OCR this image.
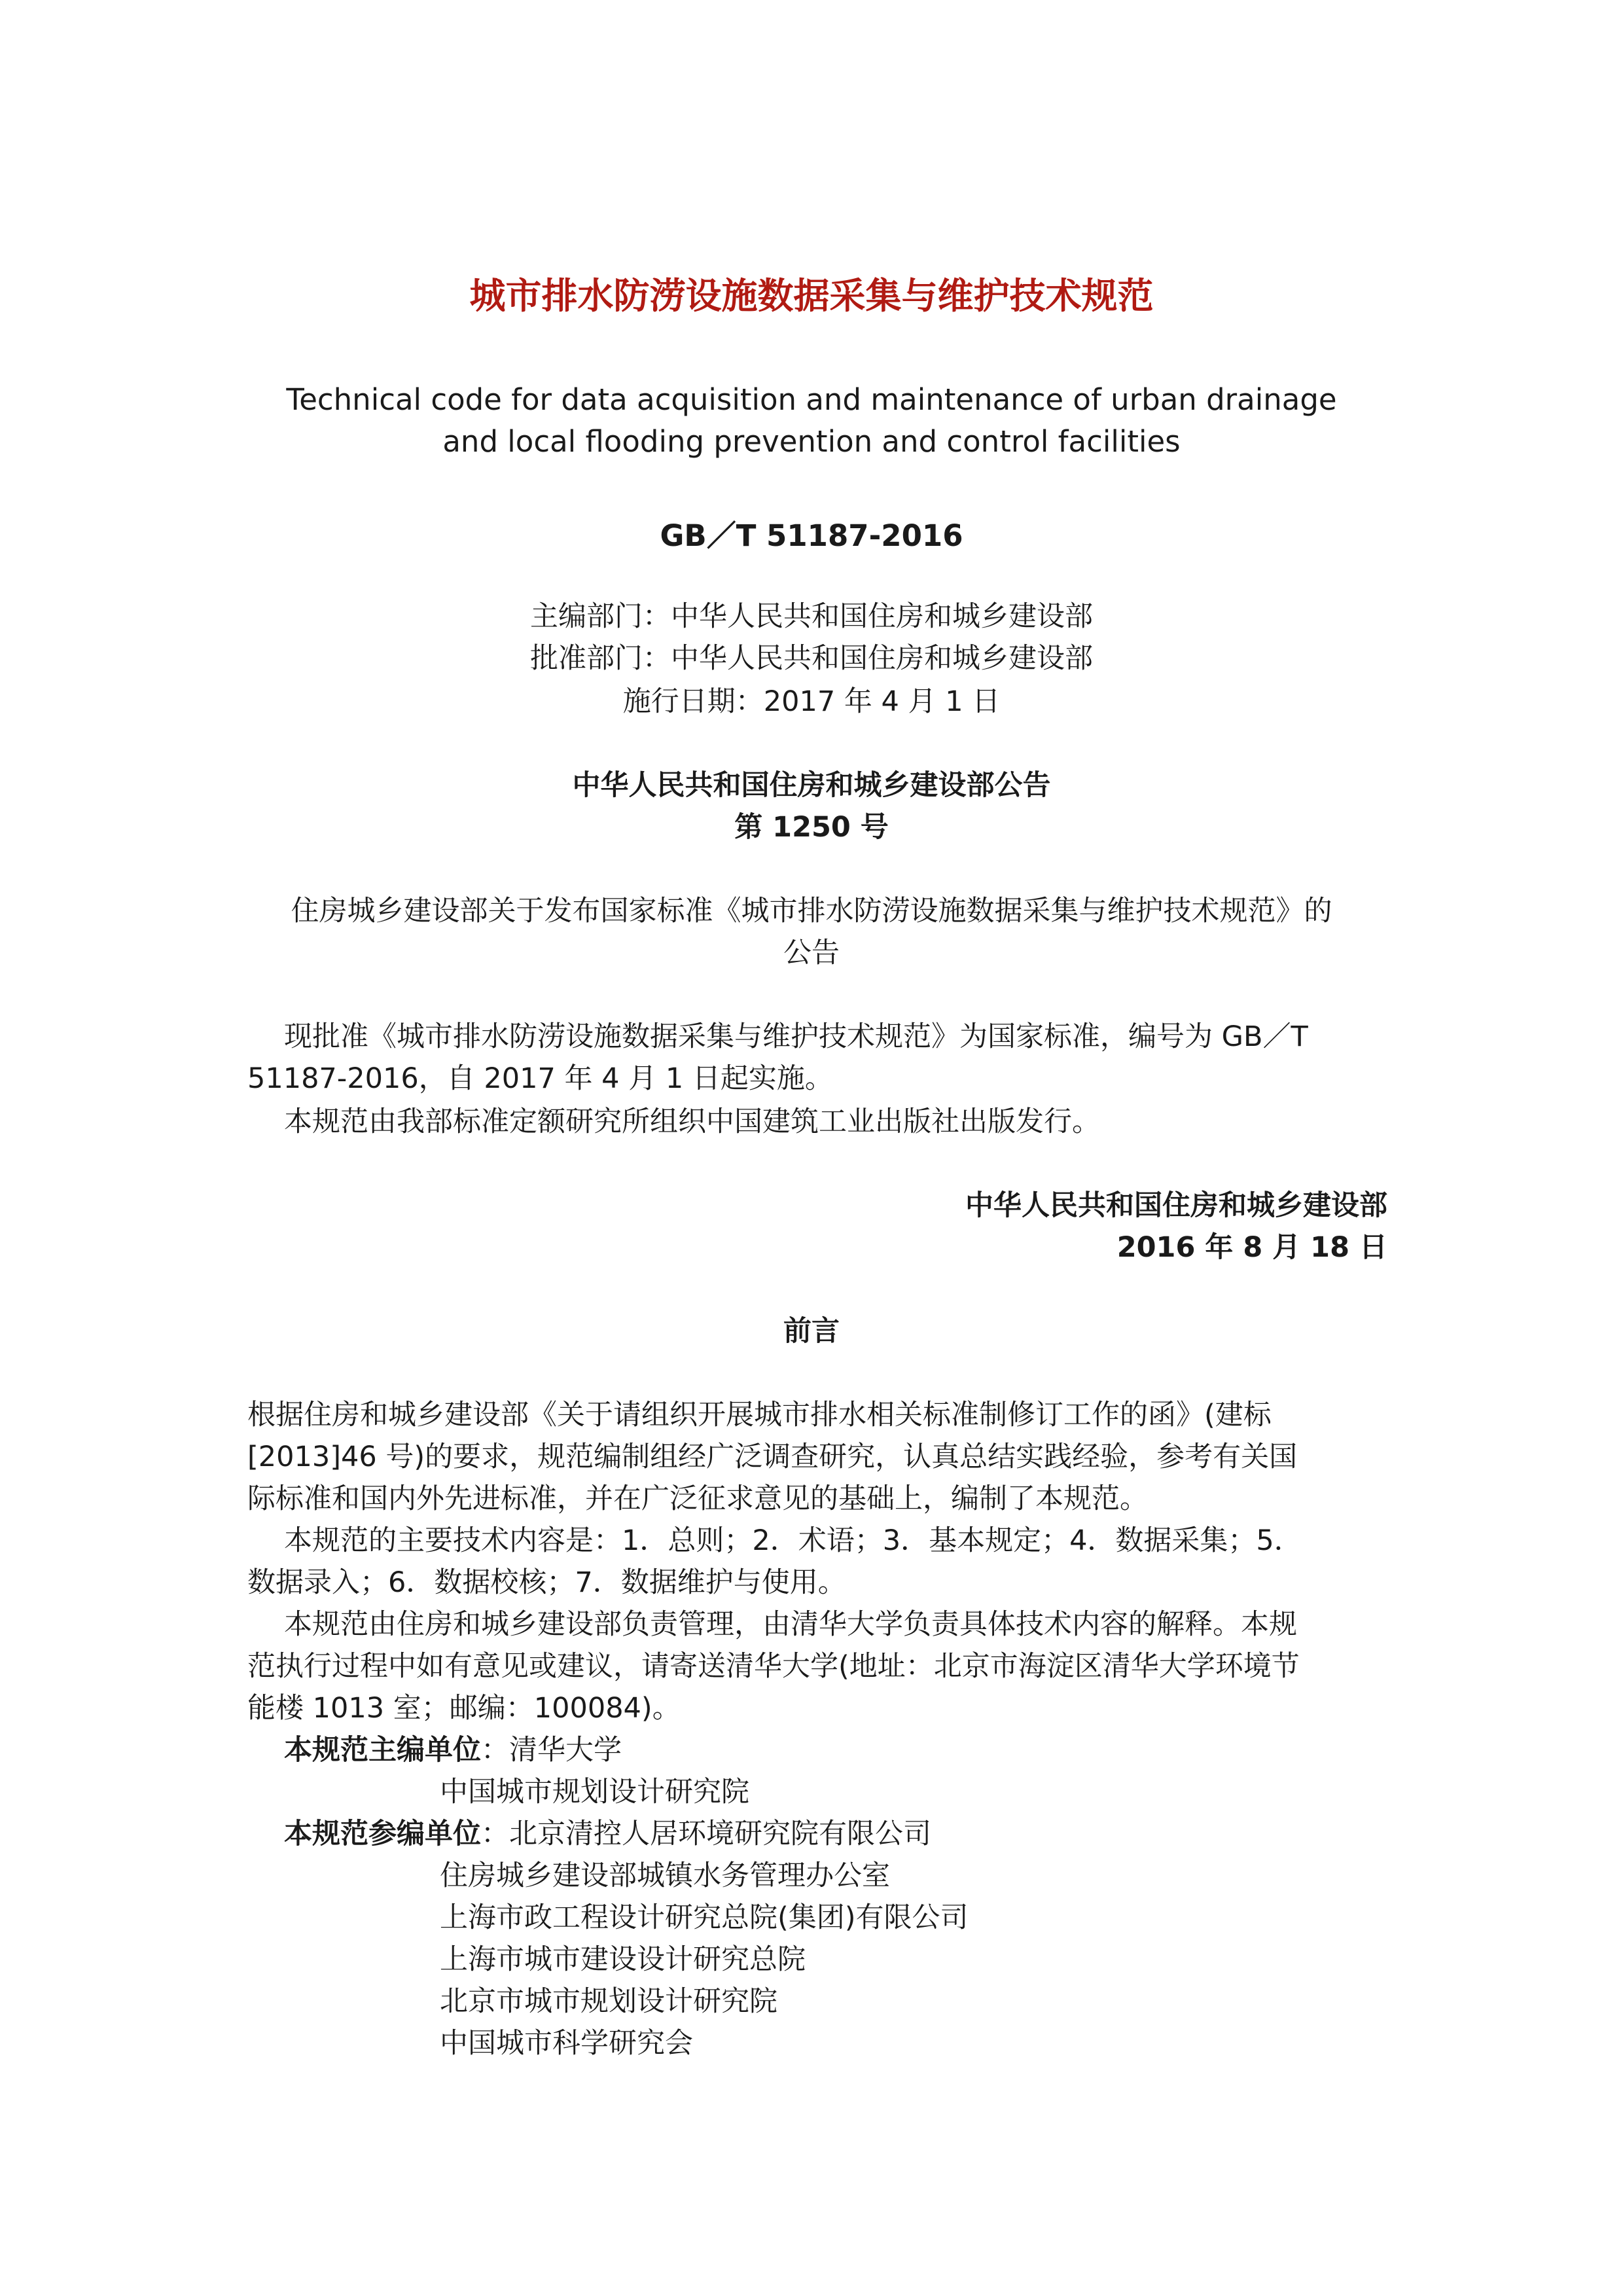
城市排水防涝设施数据采集与维护技术规范
Technical code for data acquisition and maintenance of urban drainage
and local flooding prevention and control facilities
GB／T 51187-2016
主编部门：中华人民共和国住房和城乡建设部
批准部门：中华人民共和国住房和城乡建设部
施行日期：2017 年 4 月 1 日
中华人民共和国住房和城乡建设部公告
第 1250 号
住房城乡建设部关于发布国家标准《城市排水防涝设施数据采集与维护技术规范》的
公告
现批准《城市排水防涝设施数据采集与维护技术规范》为国家标准，编号为 GB／T
51187-2016，自 2017 年 4 月 1 日起实施。
本规范由我部标准定额研究所组织中国建筑工业出版社出版发行。
中华人民共和国住房和城乡建设部
2016 年 8 月 18 日
前言
根据住房和城乡建设部《关于请组织开展城市排水相关标准制修订工作的函》(建标
[2013]46 号)的要求，规范编制组经广泛调查研究，认真总结实践经验，参考有关国
际标准和国内外先进标准，并在广泛征求意见的基础上，编制了本规范。
本规范的主要技术内容是：1．总则；2．术语；3．基本规定；4．数据采集；5．
数据录入；6．数据校核；7．数据维护与使用。
本规范由住房和城乡建设部负责管理，由清华大学负责具体技术内容的解释。本规
范执行过程中如有意见或建议，请寄送清华大学(地址：北京市海淀区清华大学环境节
能楼 1013 室；邮编：100084)。
本规范主编单位：清华大学
中国城市规划设计研究院
本规范参编单位：北京清控人居环境研究院有限公司
住房城乡建设部城镇水务管理办公室
上海市政工程设计研究总院(集团)有限公司
上海市城市建设设计研究总院
北京市城市规划设计研究院
中国城市科学研究会
